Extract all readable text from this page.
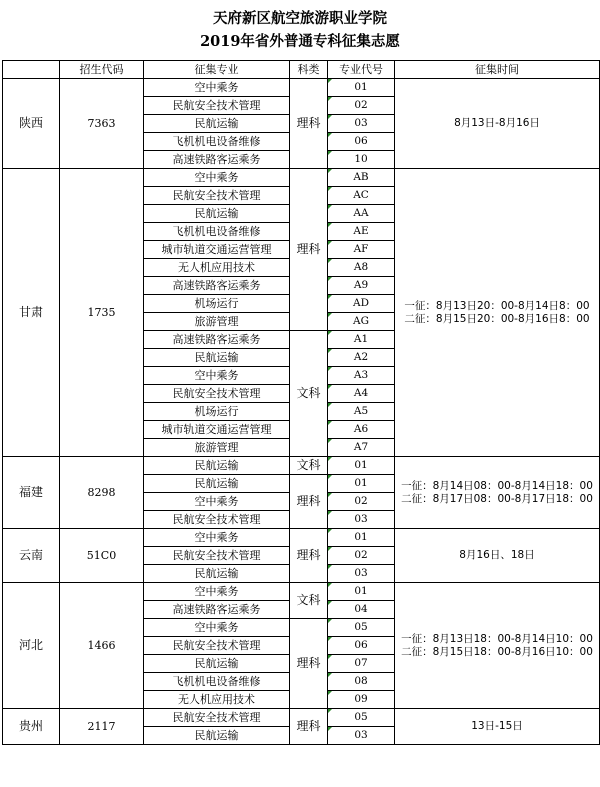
天府新区航空旅游职业学院
2019年省外普通专科征集志愿
	招生代码	征集专业	科类	专业代号	征集时间
陕西	7363	空中乘务	理科	01	8月13日-8月16日

		民航安全技术管理		02	
		民航运输		03	
		飞机机电设备维修		06	
		高速铁路客运乘务		10	
甘肃	1735	空中乘务	理科	AB	一征：8月13日20：00-8月14日8：00
二征：8月15日20：00-8月16日8：00

		民航安全技术管理		AC	
		民航运输		AA	
		飞机机电设备维修		AE	
		城市轨道交通运营管理		AF	
		无人机应用技术		A8	
		高速铁路客运乘务		A9	
		机场运行		AD	
		旅游管理		AG	
		高速铁路客运乘务	文科	A1	
		民航运输		A2	
		空中乘务		A3	
		民航安全技术管理		A4	
		机场运行		A5	
		城市轨道交通运营管理		A6	
		旅游管理		A7	
福建	8298	民航运输	文科	01	一征：8月14日08：00-8月14日18：00
二征：8月17日08：00-8月17日18：00

		民航运输	理科	01	
		空中乘务		02	
		民航安全技术管理		03	
云南	51C0	空中乘务	理科	01	8月16日、18日

		民航安全技术管理		02	
		民航运输		03	
河北	1466	空中乘务	文科	01	一征：8月13日18：00-8月14日10：00
二征：8月15日18：00-8月16日10：00

		高速铁路客运乘务		04	
		空中乘务	理科	05	
		民航安全技术管理		06	
		民航运输		07	
		飞机机电设备维修		08	
		无人机应用技术		09	
贵州	2117	民航安全技术管理	理科	05	13日-15日

		民航运输		03	
